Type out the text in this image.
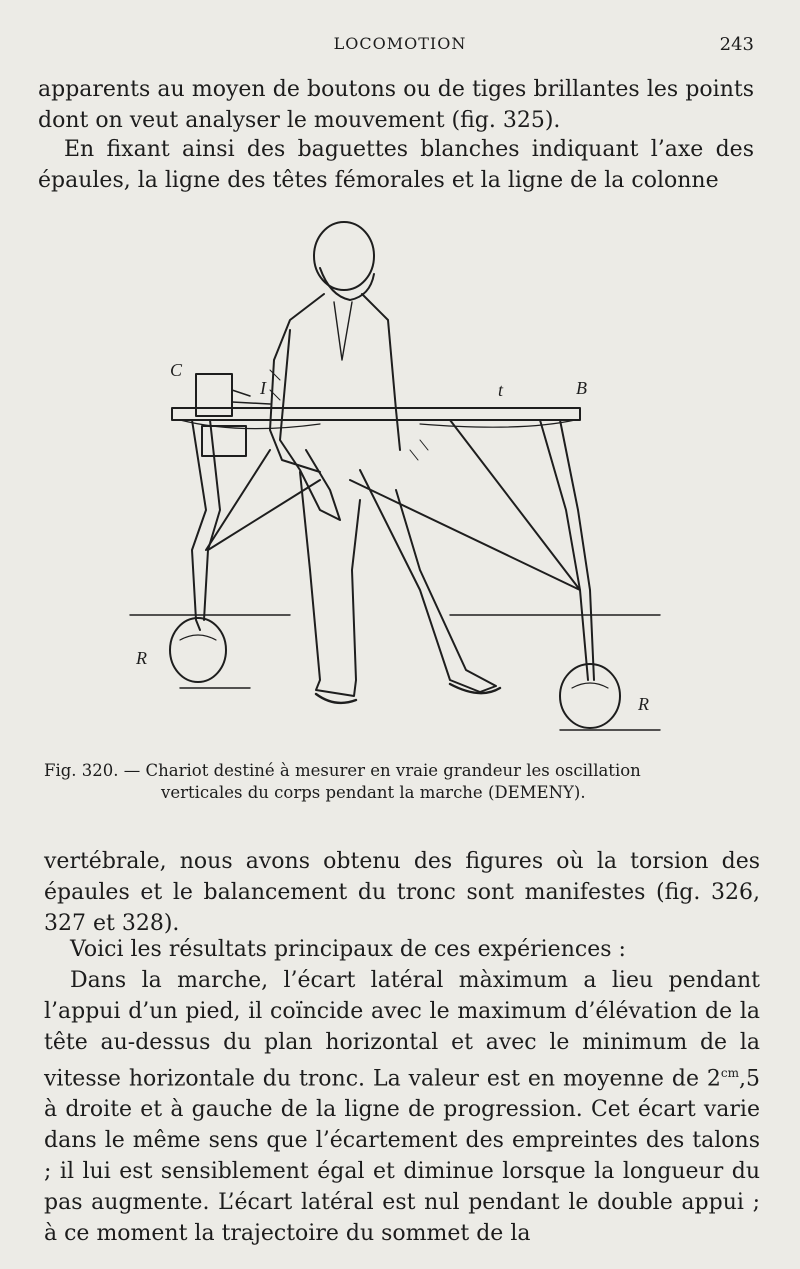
LOCOMOTION	243

apparents au moyen de boutons ou de tiges brillantes les points dont on veut analyser le mouvement (fig. 325).

En fixant ainsi des baguettes blanches indiquant l’axe des épaules, la ligne des têtes fémorales et la ligne de la colonne

C
I	t	B
R
R
Fig. 320. — Chariot destiné à mesurer en vraie grandeur les oscillation
verticales du corps pendant la marche (DEMENY).

vertébrale, nous avons obtenu des figures où la torsion des épaules et le balancement du tronc sont manifestes (fig. 326, 327 et 328).

Voici les résultats principaux de ces expériences :

Dans la marche, l’écart latéral màximum a lieu pendant l’appui d’un pied, il coïncide avec le maximum d’élévation de la tête au-dessus du plan horizontal et avec le minimum de la vitesse horizontale du tronc. La valeur est en moyenne de $2^{cm},5$ à droite et à gauche de la ligne de progression. Cet écart varie dans le même sens que l’écartement des empreintes des talons ; il lui est sensiblement égal et diminue lorsque la longueur du pas augmente. L’écart latéral est nul pendant le double appui ; à ce moment la trajectoire du sommet de la
